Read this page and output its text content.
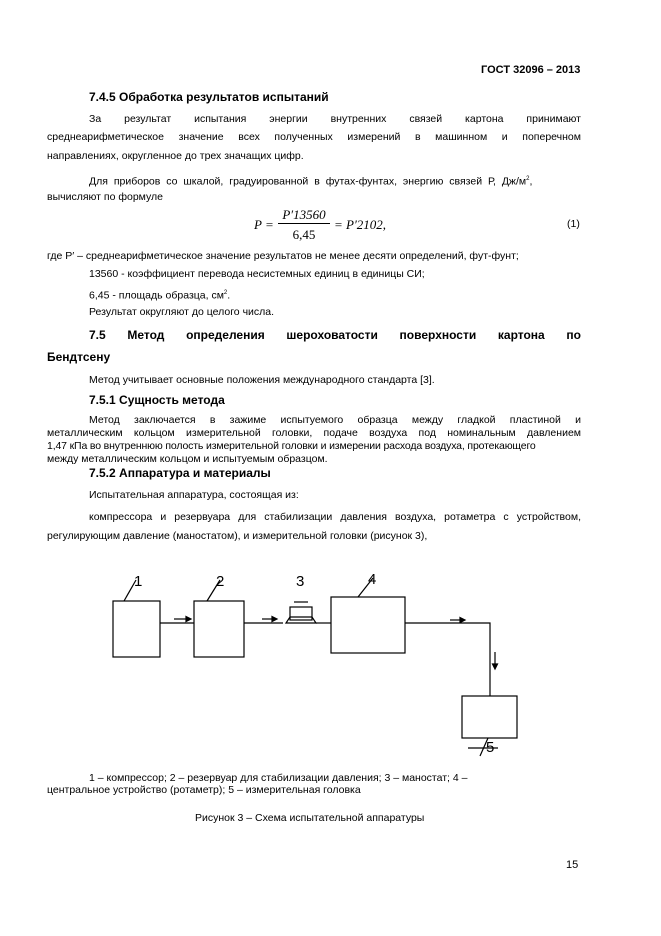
ГОСТ 32096 – 2013
7.4.5 Обработка результатов испытаний
За результат испытания энергии внутренних связей картона принимают
среднеарифметическое значение всех полученных измерений в машинном и поперечном
направлениях, округленное до трех значащих цифр.
Для приборов со шкалой, градуированной в футах-фунтах, энергию связей Р, $Дж/м^2$,
вычисляют по формуле
P =
P′13560
6,45
= P′2102,	(1)
где P′ – среднеарифметическое значение результатов не менее десяти определений, фут-фунт;
13560 - коэффициент перевода несистемных единиц в единицы СИ;
6,45 - площадь образца, $см^2$.
Результат округляют до целого числа.
7.5 Метод определения шероховатости поверхности картона по
Бендтсену
Метод учитывает основные положения международного стандарта [3].
7.5.1 Сущность метода
Метод заключается в зажиме испытуемого образца между гладкой пластиной и
металлическим кольцом измерительной головки, подаче воздуха под номинальным давлением
1,47 кПа во внутреннюю полость измерительной головки и измерении расхода воздуха, протекающего
между металлическим кольцом и испытуемым образцом.
7.5.2 Аппаратура и материалы
Испытательная аппаратура, состоящая из:
компрессора и резервуара для стабилизации давления воздуха, ротаметра с устройством,
регулирующим давление (маностатом), и измерительной головки (рисунок 3),
1	2	3	4
5
1 – компрессор; 2 – резервуар для стабилизации давления; 3 – маностат; 4 –
центральное устройство (ротаметр); 5 – измерительная головка
Рисунок 3 – Схема испытательной аппаратуры
15
